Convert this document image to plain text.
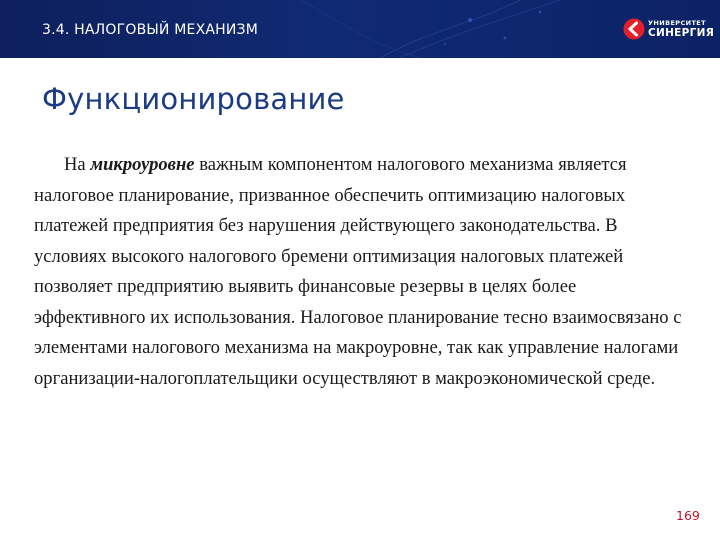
3.4. НАЛОГОВЫЙ МЕХАНИЗМ	УНИВЕРСИТЕТ
СИНЕРГИЯ
Функционирование

На микроуровне важным компонентом налогового механизма является налоговое планирование, призванное обеспечить оптимизацию налоговых платежей предприятия без нарушения действующего законодательства. В условиях высокого налогового бремени оптимизация налоговых платежей позволяет предприятию выявить финансовые резервы в целях более эффективного их использования. Налоговое планирование тесно взаимосвязано с элементами налогового механизма на макроуровне, так как управление налогами организации-налогоплательщики осуществляют в макроэкономической среде.

169
